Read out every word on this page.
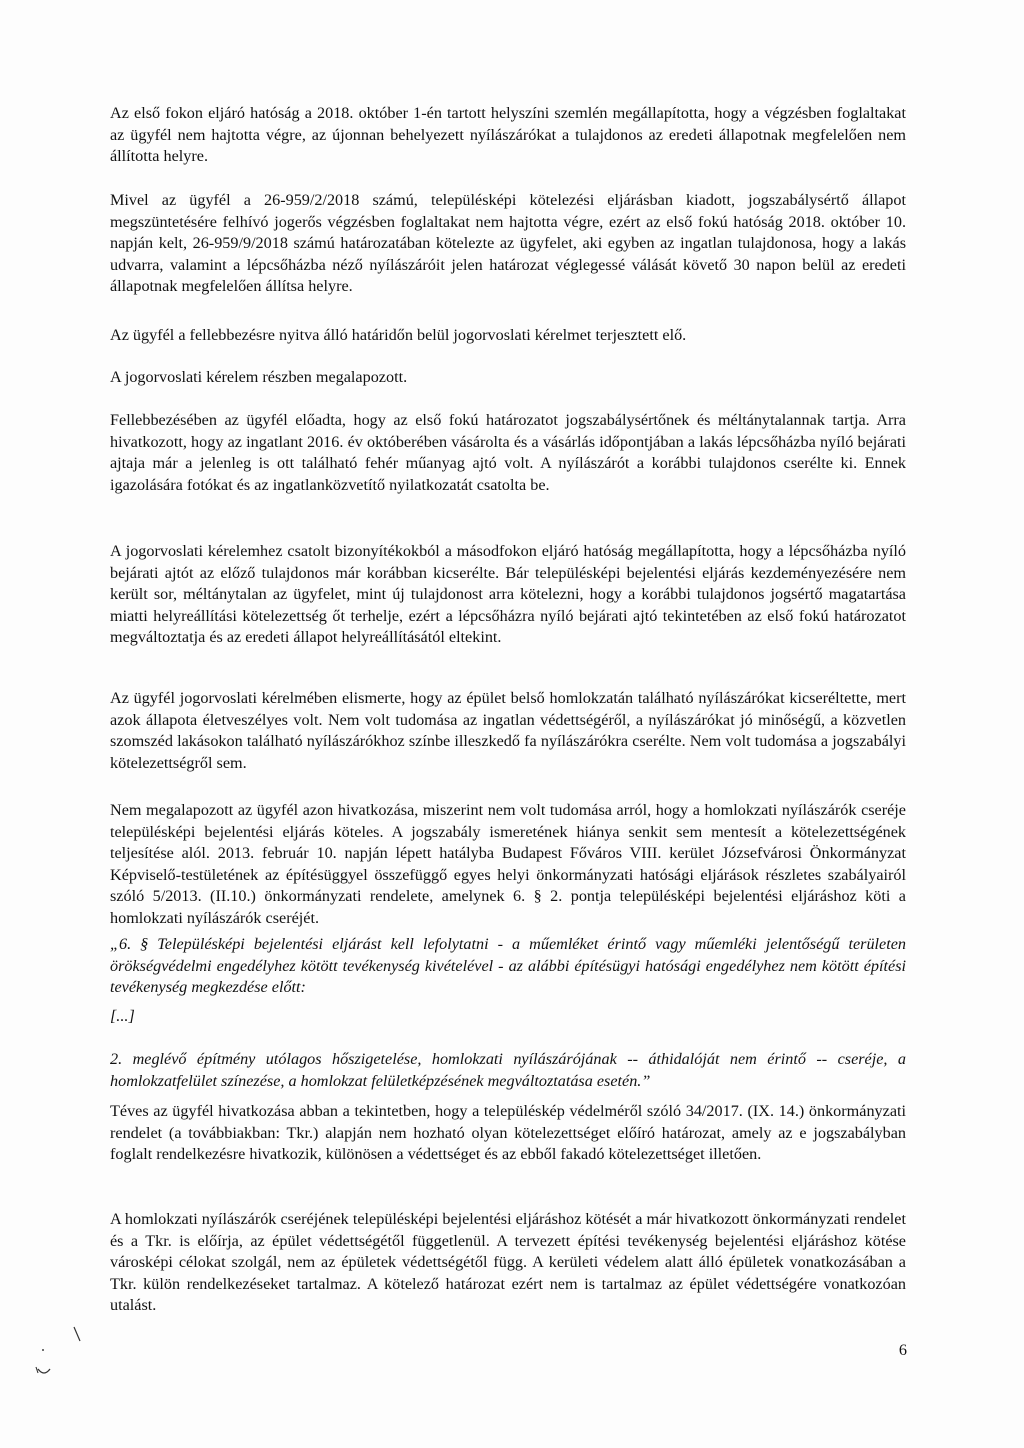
Az első fokon eljáró hatóság a 2018. október 1-én tartott helyszíni szemlén megállapította, hogy a végzésben foglaltakat az ügyfél nem hajtotta végre, az újonnan behelyezett nyílászárókat a tulajdonos az eredeti állapotnak megfelelően nem állította helyre.

Mivel az ügyfél a 26-959/2/2018 számú, településképi kötelezési eljárásban kiadott, jogszabálysértő állapot megszüntetésére felhívó jogerős végzésben foglaltakat nem hajtotta végre, ezért az első fokú hatóság 2018. október 10. napján kelt, 26-959/9/2018 számú határozatában kötelezte az ügyfelet, aki egyben az ingatlan tulajdonosa, hogy a lakás udvarra, valamint a lépcsőházba néző nyílászáróit jelen határozat véglegessé válását követő 30 napon belül az eredeti állapotnak megfelelően állítsa helyre.

Az ügyfél a fellebbezésre nyitva álló határidőn belül jogorvoslati kérelmet terjesztett elő.

A jogorvoslati kérelem részben megalapozott.

Fellebbezésében az ügyfél előadta, hogy az első fokú határozatot jogszabálysértőnek és méltánytalannak tartja. Arra hivatkozott, hogy az ingatlant 2016. év októberében vásárolta és a vásárlás időpontjában a lakás lépcsőházba nyíló bejárati ajtaja már a jelenleg is ott található fehér műanyag ajtó volt. A nyílászárót a korábbi tulajdonos cserélte ki. Ennek igazolására fotókat és az ingatlanközvetítő nyilatkozatát csatolta be.

A jogorvoslati kérelemhez csatolt bizonyítékokból a másodfokon eljáró hatóság megállapította, hogy a lépcsőházba nyíló bejárati ajtót az előző tulajdonos már korábban kicserélte. Bár településképi bejelentési eljárás kezdeményezésére nem került sor, méltánytalan az ügyfelet, mint új tulajdonost arra kötelezni, hogy a korábbi tulajdonos jogsértő magatartása miatti helyreállítási kötelezettség őt terhelje, ezért a lépcsőházra nyíló bejárati ajtó tekintetében az első fokú határozatot megváltoztatja és az eredeti állapot helyreállításától eltekint.

Az ügyfél jogorvoslati kérelmében elismerte, hogy az épület belső homlokzatán található nyílászárókat kicseréltette, mert azok állapota életveszélyes volt. Nem volt tudomása az ingatlan védettségéről, a nyílászárókat jó minőségű, a közvetlen szomszéd lakásokon található nyílászárókhoz színbe illeszkedő fa nyílászárókra cserélte. Nem volt tudomása a jogszabályi kötelezettségről sem.

Nem megalapozott az ügyfél azon hivatkozása, miszerint nem volt tudomása arról, hogy a homlokzati nyílászárók cseréje településképi bejelentési eljárás köteles. A jogszabály ismeretének hiánya senkit sem mentesít a kötelezettségének teljesítése alól. 2013. február 10. napján lépett hatályba Budapest Főváros VIII. kerület Józsefvárosi Önkormányzat Képviselő-testületének az építésüggyel összefüggő egyes helyi önkormányzati hatósági eljárások részletes szabályairól szóló 5/2013. (II.10.) önkormányzati rendelete, amelynek 6. § 2. pontja településképi bejelentési eljáráshoz köti a homlokzati nyílászárók cseréjét.

„6. § Településképi bejelentési eljárást kell lefolytatni - a műemléket érintő vagy műemléki jelentőségű területen örökségvédelmi engedélyhez kötött tevékenység kivételével - az alábbi építésügyi hatósági engedélyhez nem kötött építési tevékenység megkezdése előtt:

[...]

2. meglévő építmény utólagos hőszigetelése, homlokzati nyílászárójának -- áthidalóját nem érintő -- cseréje, a homlokzatfelület színezése, a homlokzat felületképzésének megváltoztatása esetén.”

Téves az ügyfél hivatkozása abban a tekintetben, hogy a településkép védelméről szóló 34/2017. (IX. 14.) önkormányzati rendelet (a továbbiakban: Tkr.) alapján nem hozható olyan kötelezettséget előíró határozat, amely az e jogszabályban foglalt rendelkezésre hivatkozik, különösen a védettséget és az ebből fakadó kötelezettséget illetően.

A homlokzati nyílászárók cseréjének településképi bejelentési eljáráshoz kötését a már hivatkozott önkormányzati rendelet és a Tkr. is előírja, az épület védettségétől függetlenül. A tervezett építési tevékenység bejelentési eljáráshoz kötése városképi célokat szolgál, nem az épületek védettségétől függ. A kerületi védelem alatt álló épületek vonatkozásában a Tkr. külön rendelkezéseket tartalmaz. A kötelező határozat ezért nem is tartalmaz az épület védettségére vonatkozóan utalást.

6
